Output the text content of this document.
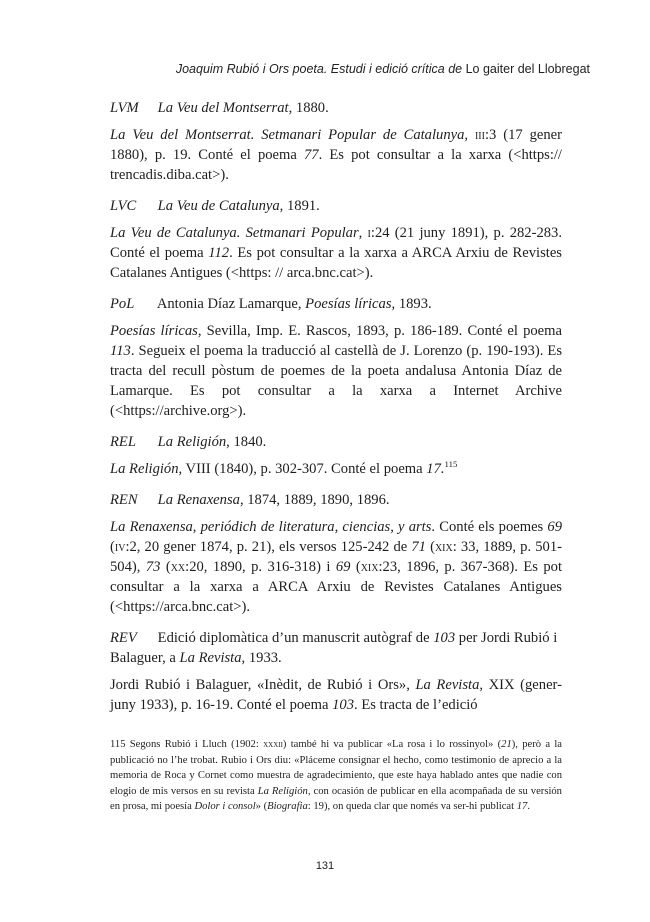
Joaquim Rubió i Ors poeta. Estudi i edició crítica de Lo gaiter del Llobregat

LVM La Veu del Montserrat, 1880.

La Veu del Montserrat. Setmanari Popular de Catalunya, iii:3 (17 gener 1880), p. 19. Conté el poema 77. Es pot consultar a la xarxa (<https:// trencadis.diba.cat>).

LVC La Veu de Catalunya, 1891.

La Veu de Catalunya. Setmanari Popular, i:24 (21 juny 1891), p. 282-283. Conté el poema 112. Es pot consultar a la xarxa a ARCA Arxiu de Revistes Catalanes Antigues (<https: // arca.bnc.cat>).

PoL Antonia Díaz Lamarque, Poesías líricas, 1893.

Poesías líricas, Sevilla, Imp. E. Rascos, 1893, p. 186-189. Conté el poema 113. Segueix el poema la traducció al castellà de J. Lorenzo (p. 190-193). Es tracta del recull pòstum de poemes de la poeta andalusa Antonia Díaz de Lamarque. Es pot consultar a la xarxa a Internet Archive (<https://archive.org>).

REL La Religión, 1840.

La Religión, VIII (1840), p. 302-307. Conté el poema 17.$^{115}$

REN La Renaxensa, 1874, 1889, 1890, 1896.

La Renaxensa, periódich de literatura, ciencias, y arts. Conté els poemes 69 (iv:2, 20 gener 1874, p. 21), els versos 125-242 de 71 (xix: 33, 1889, p. 501-504), 73 (xx:20, 1890, p. 316-318) i 69 (xix:23, 1896, p. 367-368). Es pot consultar a la xarxa a ARCA Arxiu de Revistes Catalanes Antigues (<https://arca.bnc.cat>).

REV Edició diplomàtica d’un manuscrit autògraf de 103 per Jordi Rubió i Balaguer, a La Revista, 1933.

Jordi Rubió i Balaguer, «Inèdit, de Rubió i Ors», La Revista, XIX (gener-juny 1933), p. 16-19. Conté el poema 103. Es tracta de l’edició

115 Segons Rubió i Lluch (1902: xxxii) també hi va publicar «La rosa i lo rossinyol» (21), però a la publicació no l’he trobat. Rubio i Ors diu: «Pláceme consignar el hecho, como testimonio de aprecio a la memoria de Roca y Cornet como muestra de agradecimiento, que este haya hablado antes que nadie con elogio de mis versos en su revista La Religión, con ocasión de publicar en ella acompañada de su versión en prosa, mi poesía Dolor i consol» (Biografia: 19), on queda clar que només va ser-hi publicat 17.
131
